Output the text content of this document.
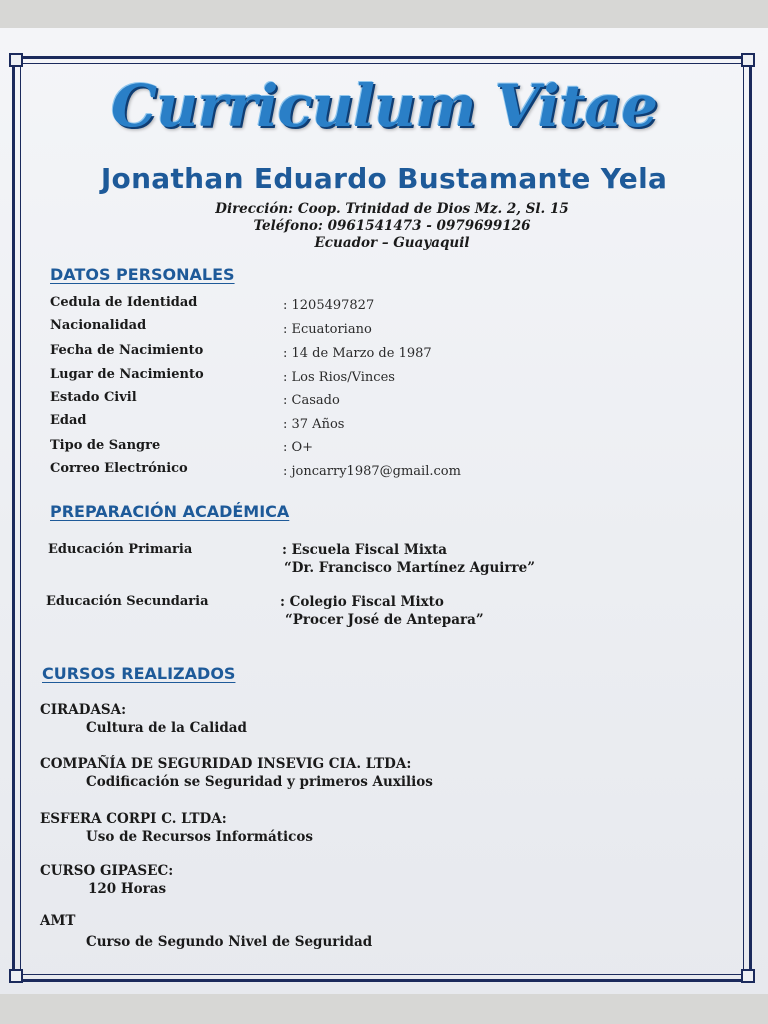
Curriculum Vitae
Jonathan Eduardo Bustamante Yela
Dirección: Coop. Trinidad de Dios Mz. 2, Sl. 15
Teléfono: 0961541473 - 0979699126
Ecuador – Guayaquil
DATOS PERSONALES
Cedula de Identidad	: 1205497827
Nacionalidad	: Ecuatoriano
Fecha de Nacimiento	: 14 de Marzo de 1987
Lugar de Nacimiento	: Los Rios/Vinces
Estado Civil	: Casado
Edad	: 37 Años
Tipo de Sangre	: O+
Correo Electrónico	: joncarry1987@gmail.com
PREPARACIÓN ACADÉMICA
Educación Primaria	: Escuela Fiscal Mixta
“Dr. Francisco Martínez Aguirre”
Educación Secundaria	: Colegio Fiscal Mixto
“Procer José de Antepara”
CURSOS REALIZADOS
CIRADASA:
Cultura de la Calidad
COMPAÑÍA DE SEGURIDAD INSEVIG CIA. LTDA:
Codificación se Seguridad y primeros Auxilios
ESFERA CORPI C. LTDA:
Uso de Recursos Informáticos
CURSO GIPASEC:
120 Horas
AMT
Curso de Segundo Nivel de Seguridad
